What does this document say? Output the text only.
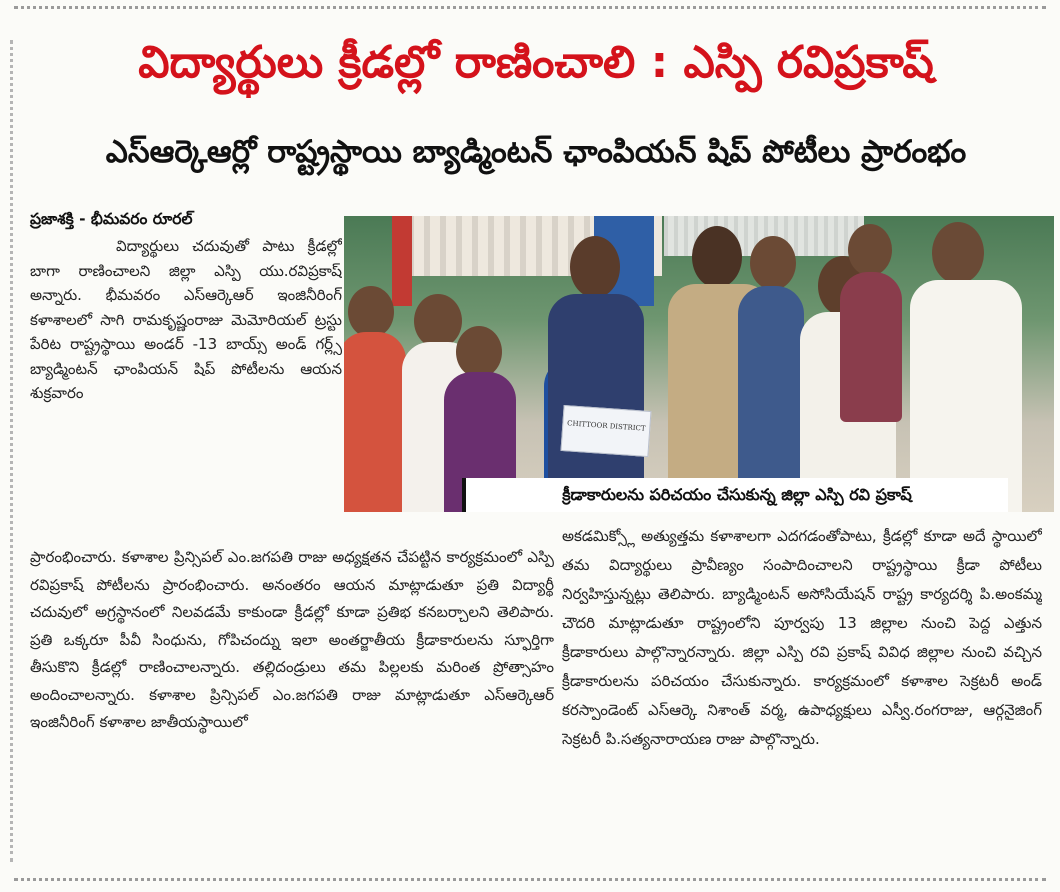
విద్యార్థులు క్రీడల్లో రాణించాలి : ఎస్పి రవిప్రకాష్
ఎస్ఆర్కెఆర్లో రాష్ట్రస్థాయి బ్యాడ్మింటన్ ఛాంపియన్ షిప్ పోటీలు ప్రారంభం
ప్రజాశక్తి - భీమవరం రూరల్

విద్యార్థులు చదువుతో పాటు క్రీడల్లో బాగా రాణించాలని జిల్లా ఎస్పి యు.రవిప్రకాష్ అన్నారు. భీమవరం ఎస్ఆర్కెఆర్ ఇంజినీరింగ్ కళాశాలలో సాగి రామకృష్ణంరాజు మెమోరియల్ ట్రస్టు పేరిట రాష్ట్రస్థాయి అండర్ -13 బాయ్స్ అండ్ గర్ల్స్ బ్యాడ్మింటన్ ఛాంపియన్ షిప్ పోటీలను ఆయన శుక్రవారం

CHITTOOR DISTRICT
క్రీడాకారులను పరిచయం చేసుకున్న జిల్లా ఎస్పి రవి ప్రకాష్

ప్రారంభించారు. కళాశాల ప్రిన్సిపల్ ఎం.జగపతి రాజు అధ్యక్షతన చేపట్టిన కార్యక్రమంలో ఎస్పి రవిప్రకాష్ పోటీలను ప్రారంభించారు. అనంతరం ఆయన మాట్లాడుతూ ప్రతి విద్యార్థీ చదువులో అగ్రస్థానంలో నిలవడమే కాకుండా క్రీడల్లో కూడా ప్రతిభ కనబర్చాలని తెలిపారు. ప్రతి ఒక్కరూ పీవీ సింధును, గోపిచంద్ను ఇలా అంతర్జాతీయ క్రీడాకారులను స్ఫూర్తిగా తీసుకొని క్రీడల్లో రాణించాలన్నారు. తల్లిదండ్రులు తమ పిల్లలకు మరింత ప్రోత్సాహం అందించాలన్నారు. కళాశాల ప్రిన్సిపల్ ఎం.జగపతి రాజు మాట్లాడుతూ ఎస్ఆర్కెఆర్ ఇంజినీరింగ్ కళాశాల జాతీయస్థాయిలో

అకడమిక్స్లో అత్యుత్తమ కళాశాలగా ఎదగడంతోపాటు, క్రీడల్లో కూడా అదే స్థాయిలో తమ విద్యార్థులు ప్రావీణ్యం సంపాదించాలని రాష్ట్రస్థాయి క్రీడా పోటీలు నిర్వహిస్తున్నట్లు తెలిపారు. బ్యాడ్మింటన్ అసోసియేషన్ రాష్ట్ర కార్యదర్శి పి.అంకమ్మ చౌదరి మాట్లాడుతూ రాష్ట్రంలోని పూర్వపు 13 జిల్లాల నుంచి పెద్ద ఎత్తున క్రీడాకారులు పాల్గొన్నారన్నారు. జిల్లా ఎస్పి రవి ప్రకాష్ వివిధ జిల్లాల నుంచి వచ్చిన క్రీడాకారులను పరిచయం చేసుకున్నారు. కార్యక్రమంలో కళాశాల సెక్రటరీ అండ్ కరస్పాండెంట్ ఎస్ఆర్కె నిశాంత్ వర్మ, ఉపాధ్యక్షులు ఎస్వీ.రంగరాజు, ఆర్గనైజింగ్ సెక్రటరీ పి.సత్యనారాయణ రాజు పాల్గొన్నారు.
